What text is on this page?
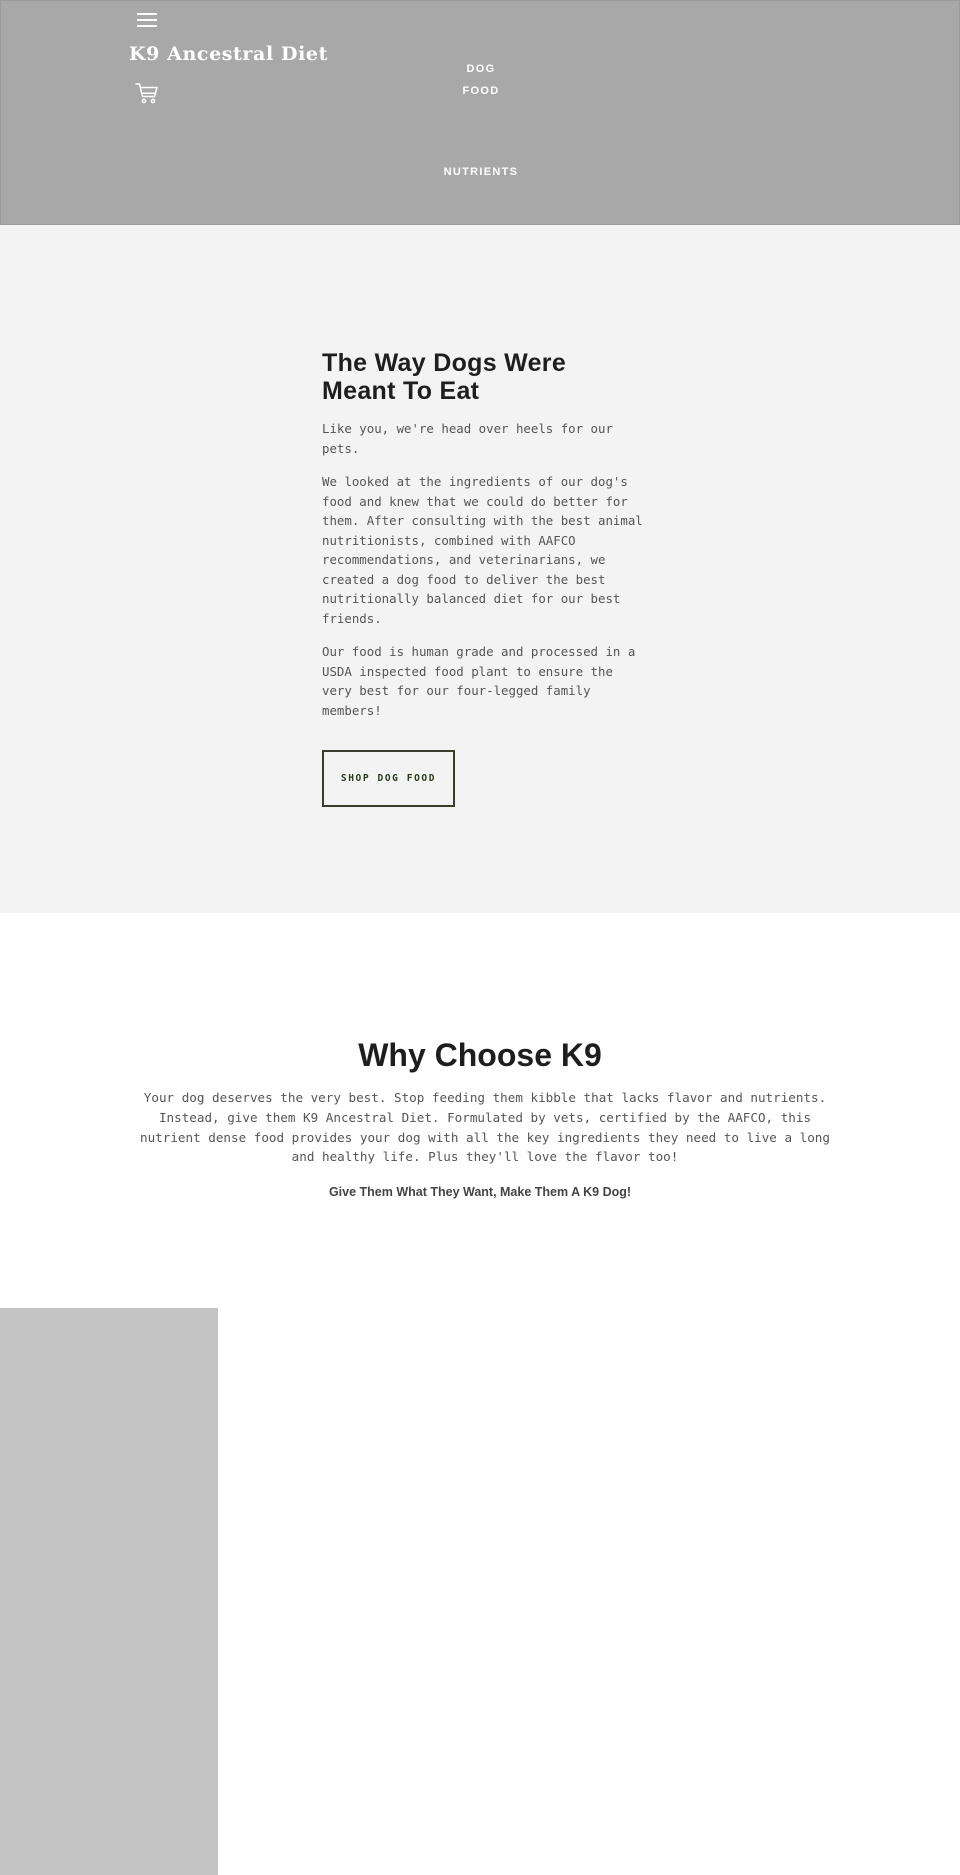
K9 Ancestral Diet
DOG
FOOD
NUTRIENTS
The Way Dogs Were Meant To Eat

Like you, we're head over heels for our pets.

We looked at the ingredients of our dog's food and knew that we could do better for them. After consulting with the best animal nutritionists, combined with AAFCO recommendations, and veterinarians, we created a dog food to deliver the best nutritionally balanced diet for our best friends.

Our food is human grade and processed in a USDA inspected food plant to ensure the very best for our four-legged family members!

SHOP DOG FOOD
Why Choose K9

Your dog deserves the very best. Stop feeding them kibble that lacks flavor and nutrients. Instead, give them K9 Ancestral Diet. Formulated by vets, certified by the AAFCO, this nutrient dense food provides your dog with all the key ingredients they need to live a long and healthy life. Plus they'll love the flavor too!

Give Them What They Want, Make Them A K9 Dog!
